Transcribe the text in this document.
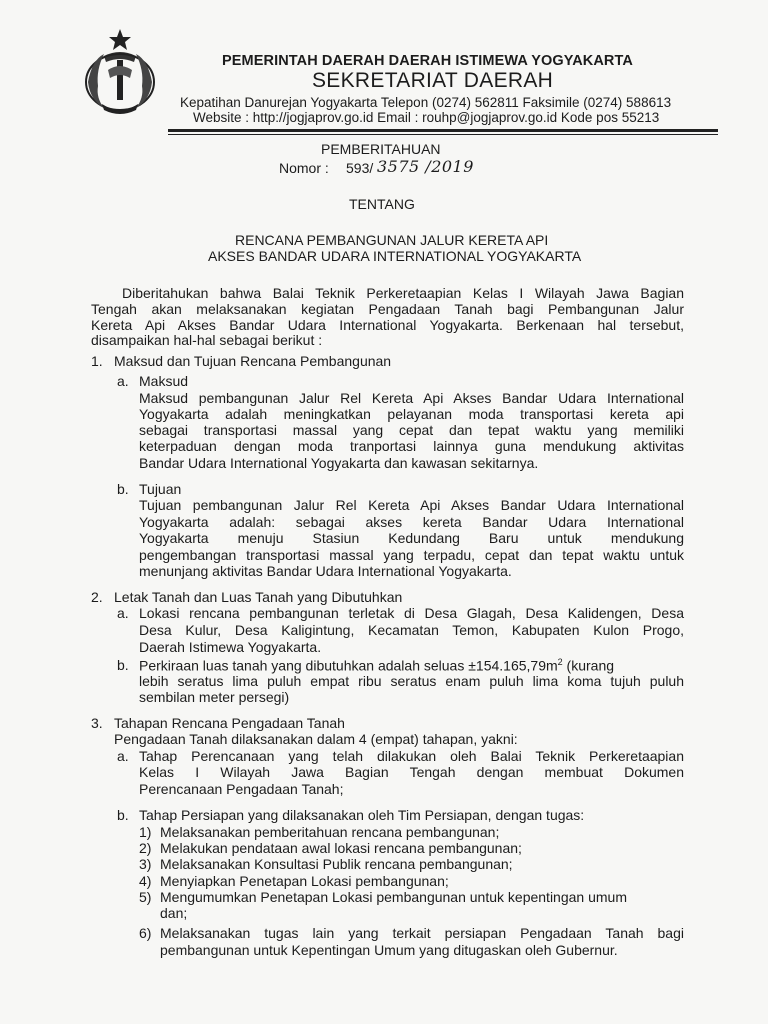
PEMERINTAH DAERAH DAERAH ISTIMEWA YOGYAKARTA
SEKRETARIAT DAERAH
Kepatihan Danurejan Yogyakarta Telepon (0274) 562811 Faksimile (0274) 588613
Website : http://jogjaprov.go.id Email : rouhp@jogjaprov.go.id Kode pos 55213
PEMBERITAHUAN
Nomor : 593/ 3575 /2019
TENTANG
RENCANA PEMBANGUNAN JALUR KERETA API
AKSES BANDAR UDARA INTERNATIONAL YOGYAKARTA
Diberitahukan bahwa Balai Teknik Perkeretaapian Kelas I Wilayah Jawa Bagian
Tengah akan melaksanakan kegiatan Pengadaan Tanah bagi Pembangunan Jalur
Kereta Api Akses Bandar Udara International Yogyakarta. Berkenaan hal tersebut,
disampaikan hal-hal sebagai berikut :
1. Maksud dan Tujuan Rencana Pembangunan
a. Maksud
Maksud pembangunan Jalur Rel Kereta Api Akses Bandar Udara International
Yogyakarta adalah meningkatkan pelayanan moda transportasi kereta api
sebagai transportasi massal yang cepat dan tepat waktu yang memiliki
keterpaduan dengan moda tranportasi lainnya guna mendukung aktivitas
Bandar Udara International Yogyakarta dan kawasan sekitarnya.
b. Tujuan
Tujuan pembangunan Jalur Rel Kereta Api Akses Bandar Udara International
Yogyakarta adalah: sebagai akses kereta Bandar Udara International
Yogyakarta menuju Stasiun Kedundang Baru untuk mendukung
pengembangan transportasi massal yang terpadu, cepat dan tepat waktu untuk
menunjang aktivitas Bandar Udara International Yogyakarta.
2. Letak Tanah dan Luas Tanah yang Dibutuhkan
a. Lokasi rencana pembangunan terletak di Desa Glagah, Desa Kalidengen, Desa
Desa Kulur, Desa Kaligintung, Kecamatan Temon, Kabupaten Kulon Progo,
Daerah Istimewa Yogyakarta.
b. Perkiraan luas tanah yang dibutuhkan adalah seluas $\pm 154.165,79m^2$ (kurang
lebih seratus lima puluh empat ribu seratus enam puluh lima koma tujuh puluh
sembilan meter persegi)
3. Tahapan Rencana Pengadaan Tanah
Pengadaan Tanah dilaksanakan dalam 4 (empat) tahapan, yakni:
a. Tahap Perencanaan yang telah dilakukan oleh Balai Teknik Perkeretaapian
Kelas I Wilayah Jawa Bagian Tengah dengan membuat Dokumen
Perencanaan Pengadaan Tanah;
b. Tahap Persiapan yang dilaksanakan oleh Tim Persiapan, dengan tugas:
1) Melaksanakan pemberitahuan rencana pembangunan;
2) Melakukan pendataan awal lokasi rencana pembangunan;
3) Melaksanakan Konsultasi Publik rencana pembangunan;
4) Menyiapkan Penetapan Lokasi pembangunan;
5) Mengumumkan Penetapan Lokasi pembangunan untuk kepentingan umum
dan;
6) Melaksanakan tugas lain yang terkait persiapan Pengadaan Tanah bagi
pembangunan untuk Kepentingan Umum yang ditugaskan oleh Gubernur.
